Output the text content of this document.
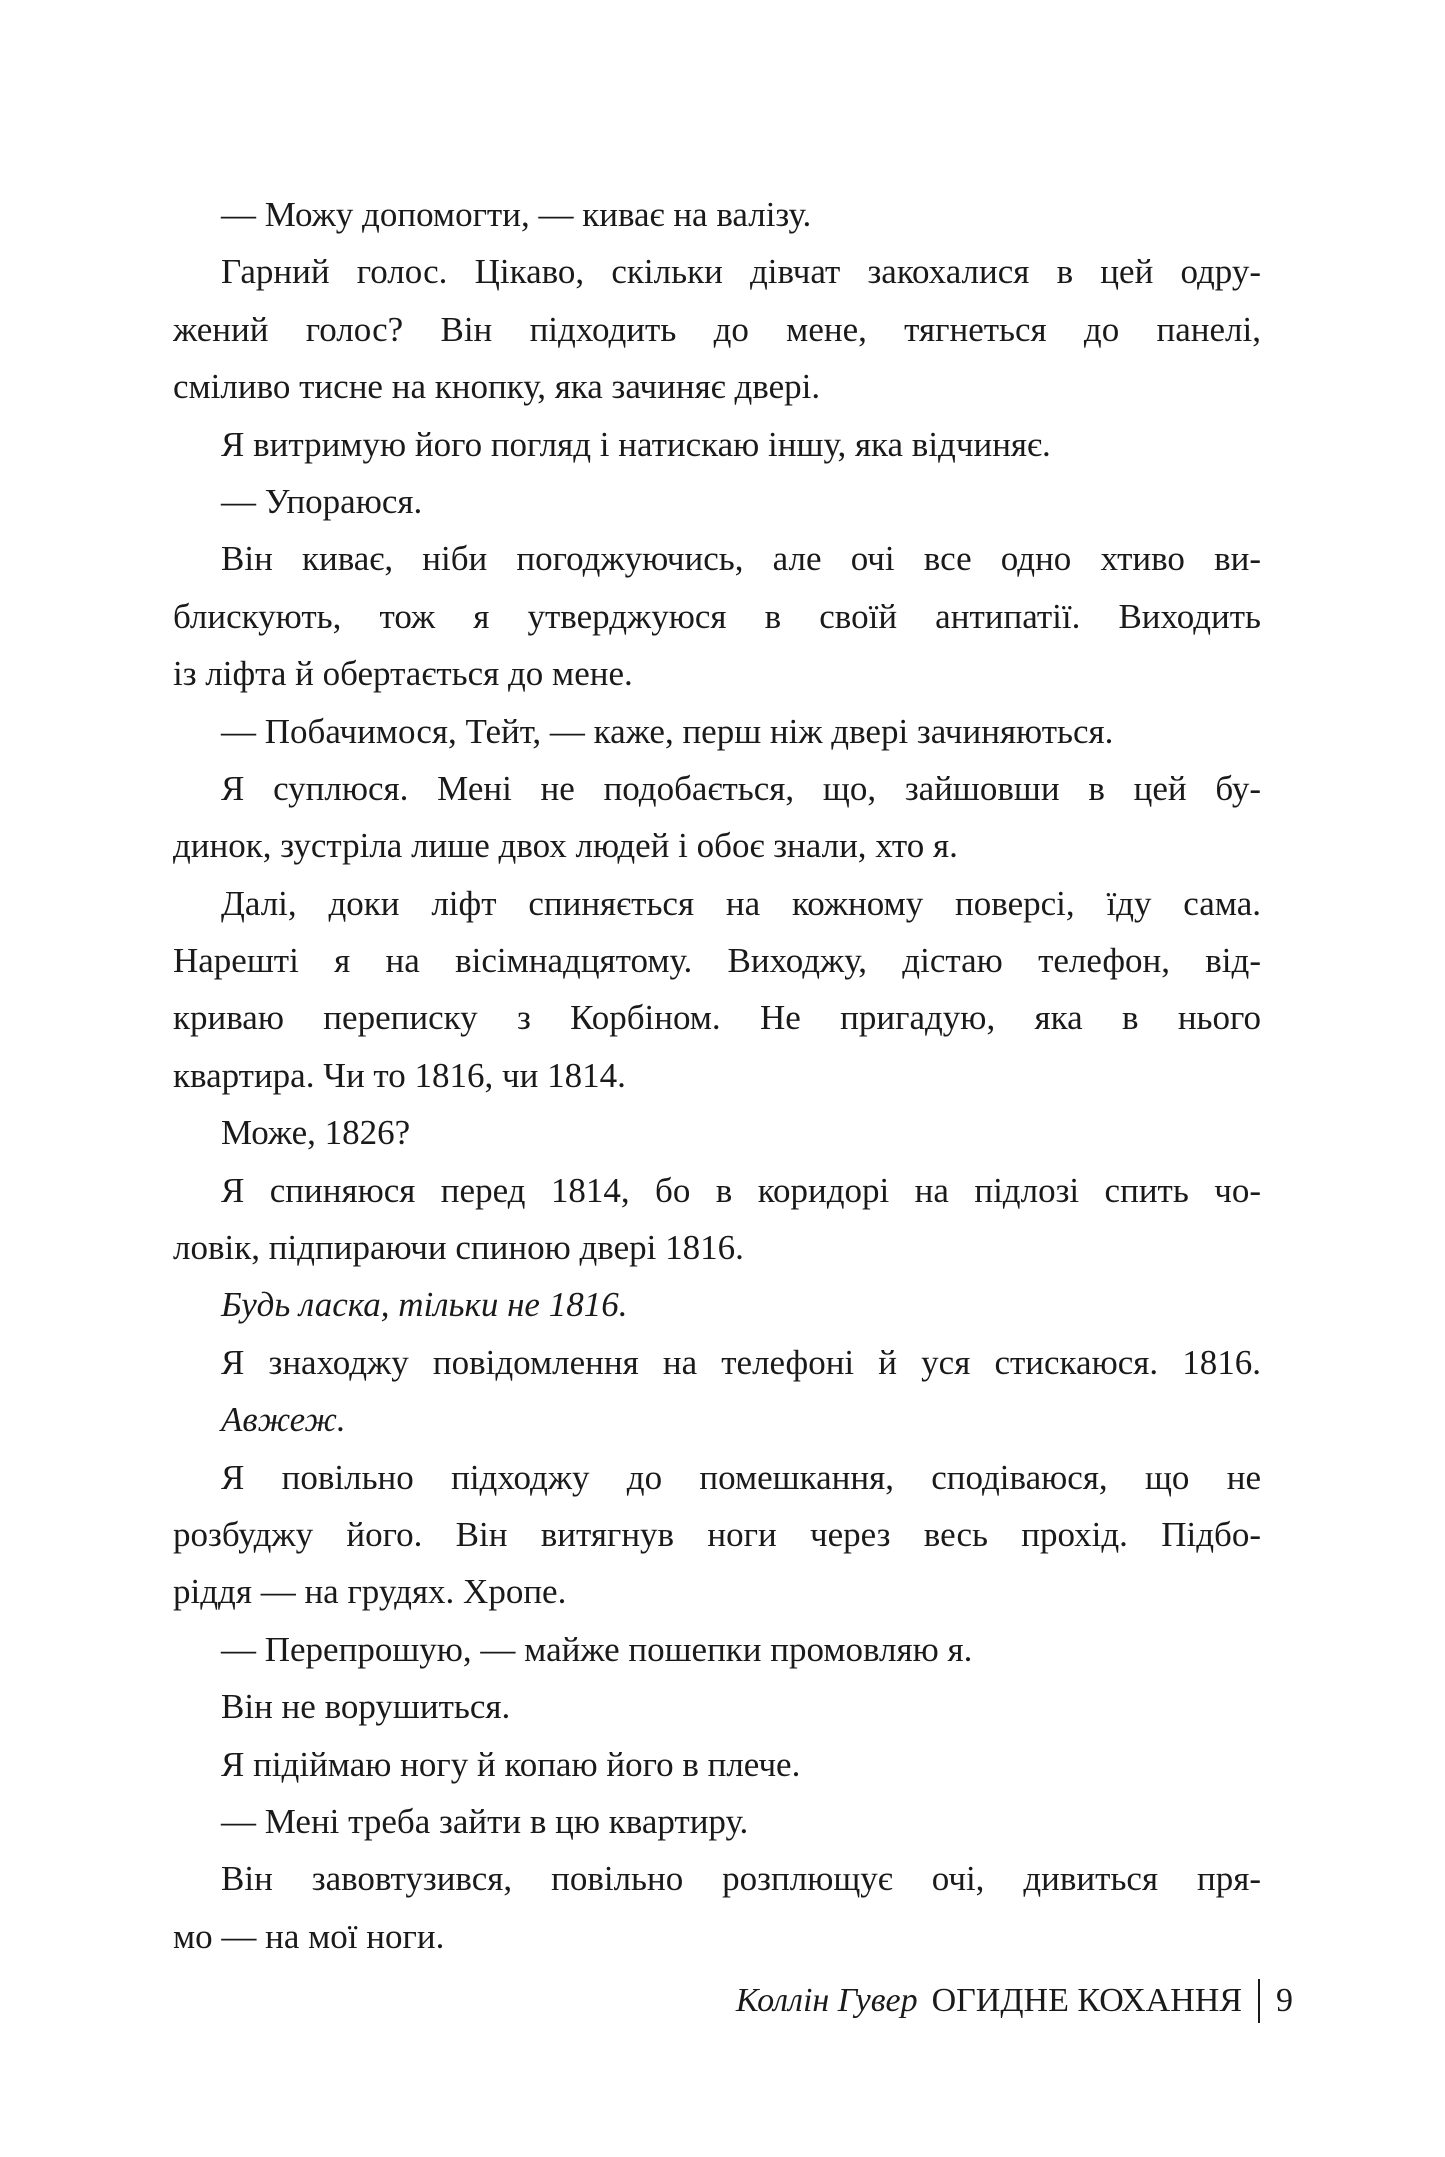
— Можу допомогти, — киває на валізу.
Гарний голос. Цікаво, скільки дівчат закохалися в цей одру-
жений голос? Він підходить до мене, тягнеться до панелі,
сміливо тисне на кнопку, яка зачиняє двері.
Я витримую його погляд і натискаю іншу, яка відчиняє.
— Упораюся.
Він киває, ніби погоджуючись, але очі все одно хтиво ви-
блискують, тож я утверджуюся в своїй антипатії. Виходить
із ліфта й обертається до мене.
— Побачимося, Тейт, — каже, перш ніж двері зачиняються.
Я суплюся. Мені не подобається, що, зайшовши в цей бу-
динок, зустріла лише двох людей і обоє знали, хто я.
Далі, доки ліфт спиняється на кожному поверсі, їду сама.
Нарешті я на вісімнадцятому. Виходжу, дістаю телефон, від-
криваю переписку з Корбіном. Не пригадую, яка в нього
квартира. Чи то 1816, чи 1814.
Може, 1826?
Я спиняюся перед 1814, бо в коридорі на підлозі спить чо-
ловік, підпираючи спиною двері 1816.
Будь ласка, тільки не 1816.
Я знаходжу повідомлення на телефоні й уся стискаюся. 1816.
Авжеж.
Я повільно підходжу до помешкання, сподіваюся, що не
розбуджу його. Він витягнув ноги через весь прохід. Підбо-
ріддя — на грудях. Хропе.
— Перепрошую, — майже пошепки промовляю я.
Він не ворушиться.
Я підіймаю ногу й копаю його в плече.
— Мені треба зайти в цю квартиру.
Він завовтузився, повільно розплющує очі, дивиться пря-
мо — на мої ноги.
Коллін Гувер ОГИДНЕ КОХАННЯ 9
